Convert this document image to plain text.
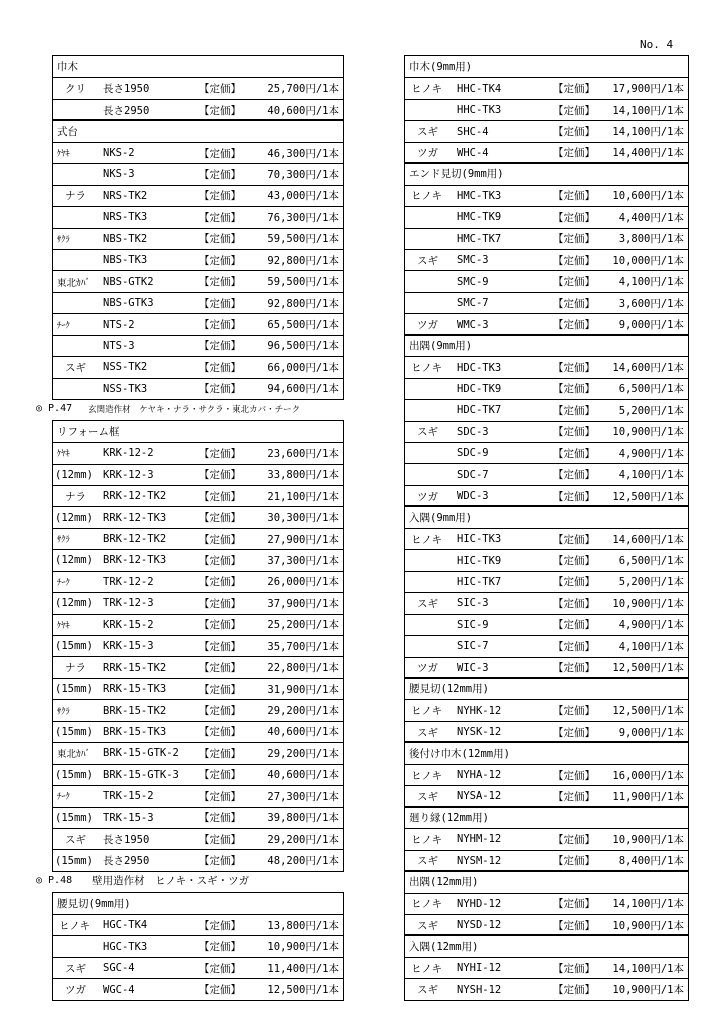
No. 4
巾木
クリ 長さ1950	【定価】	25,700円/1本
長さ2950	【定価】	40,600円/1本
式台
ｹﾔｷ	NKS-2	【定価】	46,300円/1本
NKS-3	【定価】	70,300円/1本
ナラ NRS-TK2	【定価】	43,000円/1本
NRS-TK3	【定価】	76,300円/1本
ｻｸﾗ	NBS-TK2	【定価】	59,500円/1本
NBS-TK3	【定価】	92,800円/1本
東北ｶﾊﾞ NBS-GTK2	【定価】	59,500円/1本
NBS-GTK3	【定価】	92,800円/1本
ﾁｰｸ	NTS-2	【定価】	65,500円/1本
NTS-3	【定価】	96,500円/1本
スギ NSS-TK2	【定価】	66,000円/1本
NSS-TK3	【定価】	94,600円/1本
◎ P.47 玄関造作材　ケヤキ・ナラ・サクラ・東北カバ・チーク
リフォーム框
ｹﾔｷ	KRK-12-2	【定価】	23,600円/1本
(12mm) KRK-12-3	【定価】	33,800円/1本
ナラ RRK-12-TK2	【定価】	21,100円/1本
(12mm) RRK-12-TK3	【定価】	30,300円/1本
ｻｸﾗ	BRK-12-TK2	【定価】	27,900円/1本
(12mm) BRK-12-TK3	【定価】	37,300円/1本
ﾁｰｸ	TRK-12-2	【定価】	26,000円/1本
(12mm) TRK-12-3	【定価】	37,900円/1本
ｹﾔｷ	KRK-15-2	【定価】	25,200円/1本
(15mm) KRK-15-3	【定価】	35,700円/1本
ナラ RRK-15-TK2	【定価】	22,800円/1本
(15mm) RRK-15-TK3	【定価】	31,900円/1本
ｻｸﾗ	BRK-15-TK2	【定価】	29,200円/1本
(15mm) BRK-15-TK3	【定価】	40,600円/1本
東北ｶﾊﾞ BRK-15-GTK-2 【定価】	29,200円/1本
(15mm) BRK-15-GTK-3 【定価】	40,600円/1本
ﾁｰｸ	TRK-15-2	【定価】	27,300円/1本
(15mm) TRK-15-3	【定価】	39,800円/1本
スギ 長さ1950	【定価】	29,200円/1本
(15mm) 長さ2950	【定価】	48,200円/1本
◎ P.48 壁用造作材　ヒノキ・スギ・ツガ
腰見切(9mm用)
ヒノキ HGC-TK4	【定価】	13,800円/1本
HGC-TK3	【定価】	10,900円/1本
スギ SGC-4	【定価】	11,400円/1本
ツガ WGC-4	【定価】	12,500円/1本
巾木(9mm用)
ヒノキ HHC-TK4	【定価】 17,900円/1本
HHC-TK3	【定価】 14,100円/1本
スギ SHC-4	【定価】 14,100円/1本
ツガ WHC-4	【定価】 14,400円/1本
エンド見切(9mm用)
ヒノキ HMC-TK3	【定価】 10,600円/1本
HMC-TK9	【定価】 4,400円/1本
HMC-TK7	【定価】 3,800円/1本
スギ SMC-3	【定価】 10,000円/1本
SMC-9	【定価】 4,100円/1本
SMC-7	【定価】 3,600円/1本
ツガ WMC-3	【定価】 9,000円/1本
出隅(9mm用)
ヒノキ HDC-TK3	【定価】 14,600円/1本
HDC-TK9	【定価】 6,500円/1本
HDC-TK7	【定価】 5,200円/1本
スギ SDC-3	【定価】 10,900円/1本
SDC-9	【定価】 4,900円/1本
SDC-7	【定価】 4,100円/1本
ツガ WDC-3	【定価】 12,500円/1本
入隅(9mm用)
ヒノキ HIC-TK3	【定価】 14,600円/1本
HIC-TK9	【定価】 6,500円/1本
HIC-TK7	【定価】 5,200円/1本
スギ SIC-3	【定価】 10,900円/1本
SIC-9	【定価】 4,900円/1本
SIC-7	【定価】 4,100円/1本
ツガ WIC-3	【定価】 12,500円/1本
腰見切(12mm用)
ヒノキ NYHK-12	【定価】 12,500円/1本
スギ NYSK-12	【定価】 9,000円/1本
後付け巾木(12mm用)
ヒノキ NYHA-12	【定価】 16,000円/1本
スギ NYSA-12	【定価】 11,900円/1本
廻り縁(12mm用)
ヒノキ NYHM-12	【定価】 10,900円/1本
スギ NYSM-12	【定価】 8,400円/1本
出隅(12mm用)
ヒノキ NYHD-12	【定価】 14,100円/1本
スギ NYSD-12	【定価】 10,900円/1本
入隅(12mm用)
ヒノキ NYHI-12	【定価】 14,100円/1本
スギ NYSH-12	【定価】 10,900円/1本
